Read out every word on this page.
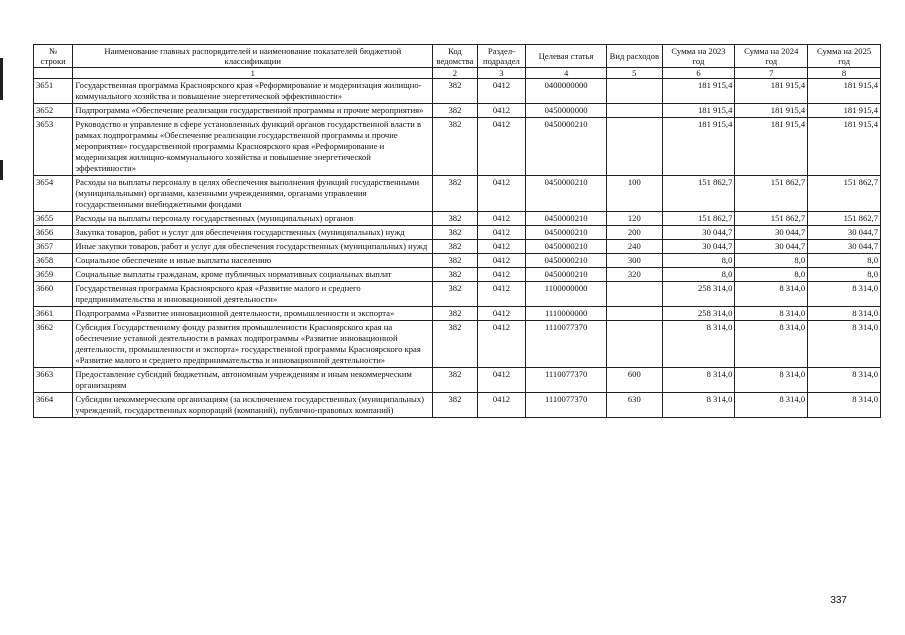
№ строки	Наименование главных распорядителей и наименование показателей бюджетной классификации	Код ведомства	Раздел-подраздел	Целевая статья	Вид расходов	Сумма на 2023 год	Сумма на 2024 год	Сумма на 2025 год
	1	2	3	4	5	6	7	8
3651	Государственная программа Красноярского края «Реформирование и модернизация жилищно-коммунального хозяйства и повышение энергетической эффективности»	382	0412	0400000000		181 915,4	181 915,4	181 915,4
3652	Подпрограмма «Обеспечение реализации государственной программы и прочие мероприятия»	382	0412	0450000000		181 915,4	181 915,4	181 915,4
3653	Руководство и управление в сфере установленных функций органов государственной власти в рамках подпрограммы «Обеспечение реализации государственной программы и прочие мероприятия» государственной программы Красноярского края «Реформирование и модернизация жилищно-коммунального хозяйства и повышение энергетической эффективности»	382	0412	0450000210		181 915,4	181 915,4	181 915,4
3654	Расходы на выплаты персоналу в целях обеспечения выполнения функций государственными (муниципальными) органами, казенными учреждениями, органами управления государственными внебюджетными фондами	382	0412	0450000210	100	151 862,7	151 862,7	151 862,7
3655	Расходы на выплаты персоналу государственных (муниципальных) органов	382	0412	0450000210	120	151 862,7	151 862,7	151 862,7
3656	Закупка товаров, работ и услуг для обеспечения государственных (муниципальных) нужд	382	0412	0450000210	200	30 044,7	30 044,7	30 044,7
3657	Иные закупки товаров, работ и услуг для обеспечения государственных (муниципальных) нужд	382	0412	0450000210	240	30 044,7	30 044,7	30 044,7
3658	Социальное обеспечение и иные выплаты населению	382	0412	0450000210	300	8,0	8,0	8,0
3659	Социальные выплаты гражданам, кроме публичных нормативных социальных выплат	382	0412	0450000210	320	8,0	8,0	8,0
3660	Государственная программа Красноярского края «Развитие малого и среднего предпринимательства и инновационной деятельности»	382	0412	1100000000		258 314,0	8 314,0	8 314,0
3661	Подпрограмма «Развитие инновационной деятельности, промышленности и экспорта»	382	0412	1110000000		258 314,0	8 314,0	8 314,0
3662	Субсидия Государственному фонду развития промышленности Красноярского края на обеспечение уставной деятельности в рамках подпрограммы «Развитие инновационной деятельности, промышленности и экспорта» государственной программы Красноярского края «Развитие малого и среднего предпринимательства и инновационной деятельности»	382	0412	1110077370		8 314,0	8 314,0	8 314,0
3663	Предоставление субсидий бюджетным, автономным учреждениям и иным некоммерческим организациям	382	0412	1110077370	600	8 314,0	8 314,0	8 314,0
3664	Субсидии некоммерческим организациям (за исключением государственных (муниципальных) учреждений, государственных корпораций (компаний), публично-правовых компаний)	382	0412	1110077370	630	8 314,0	8 314,0	8 314,0
337
